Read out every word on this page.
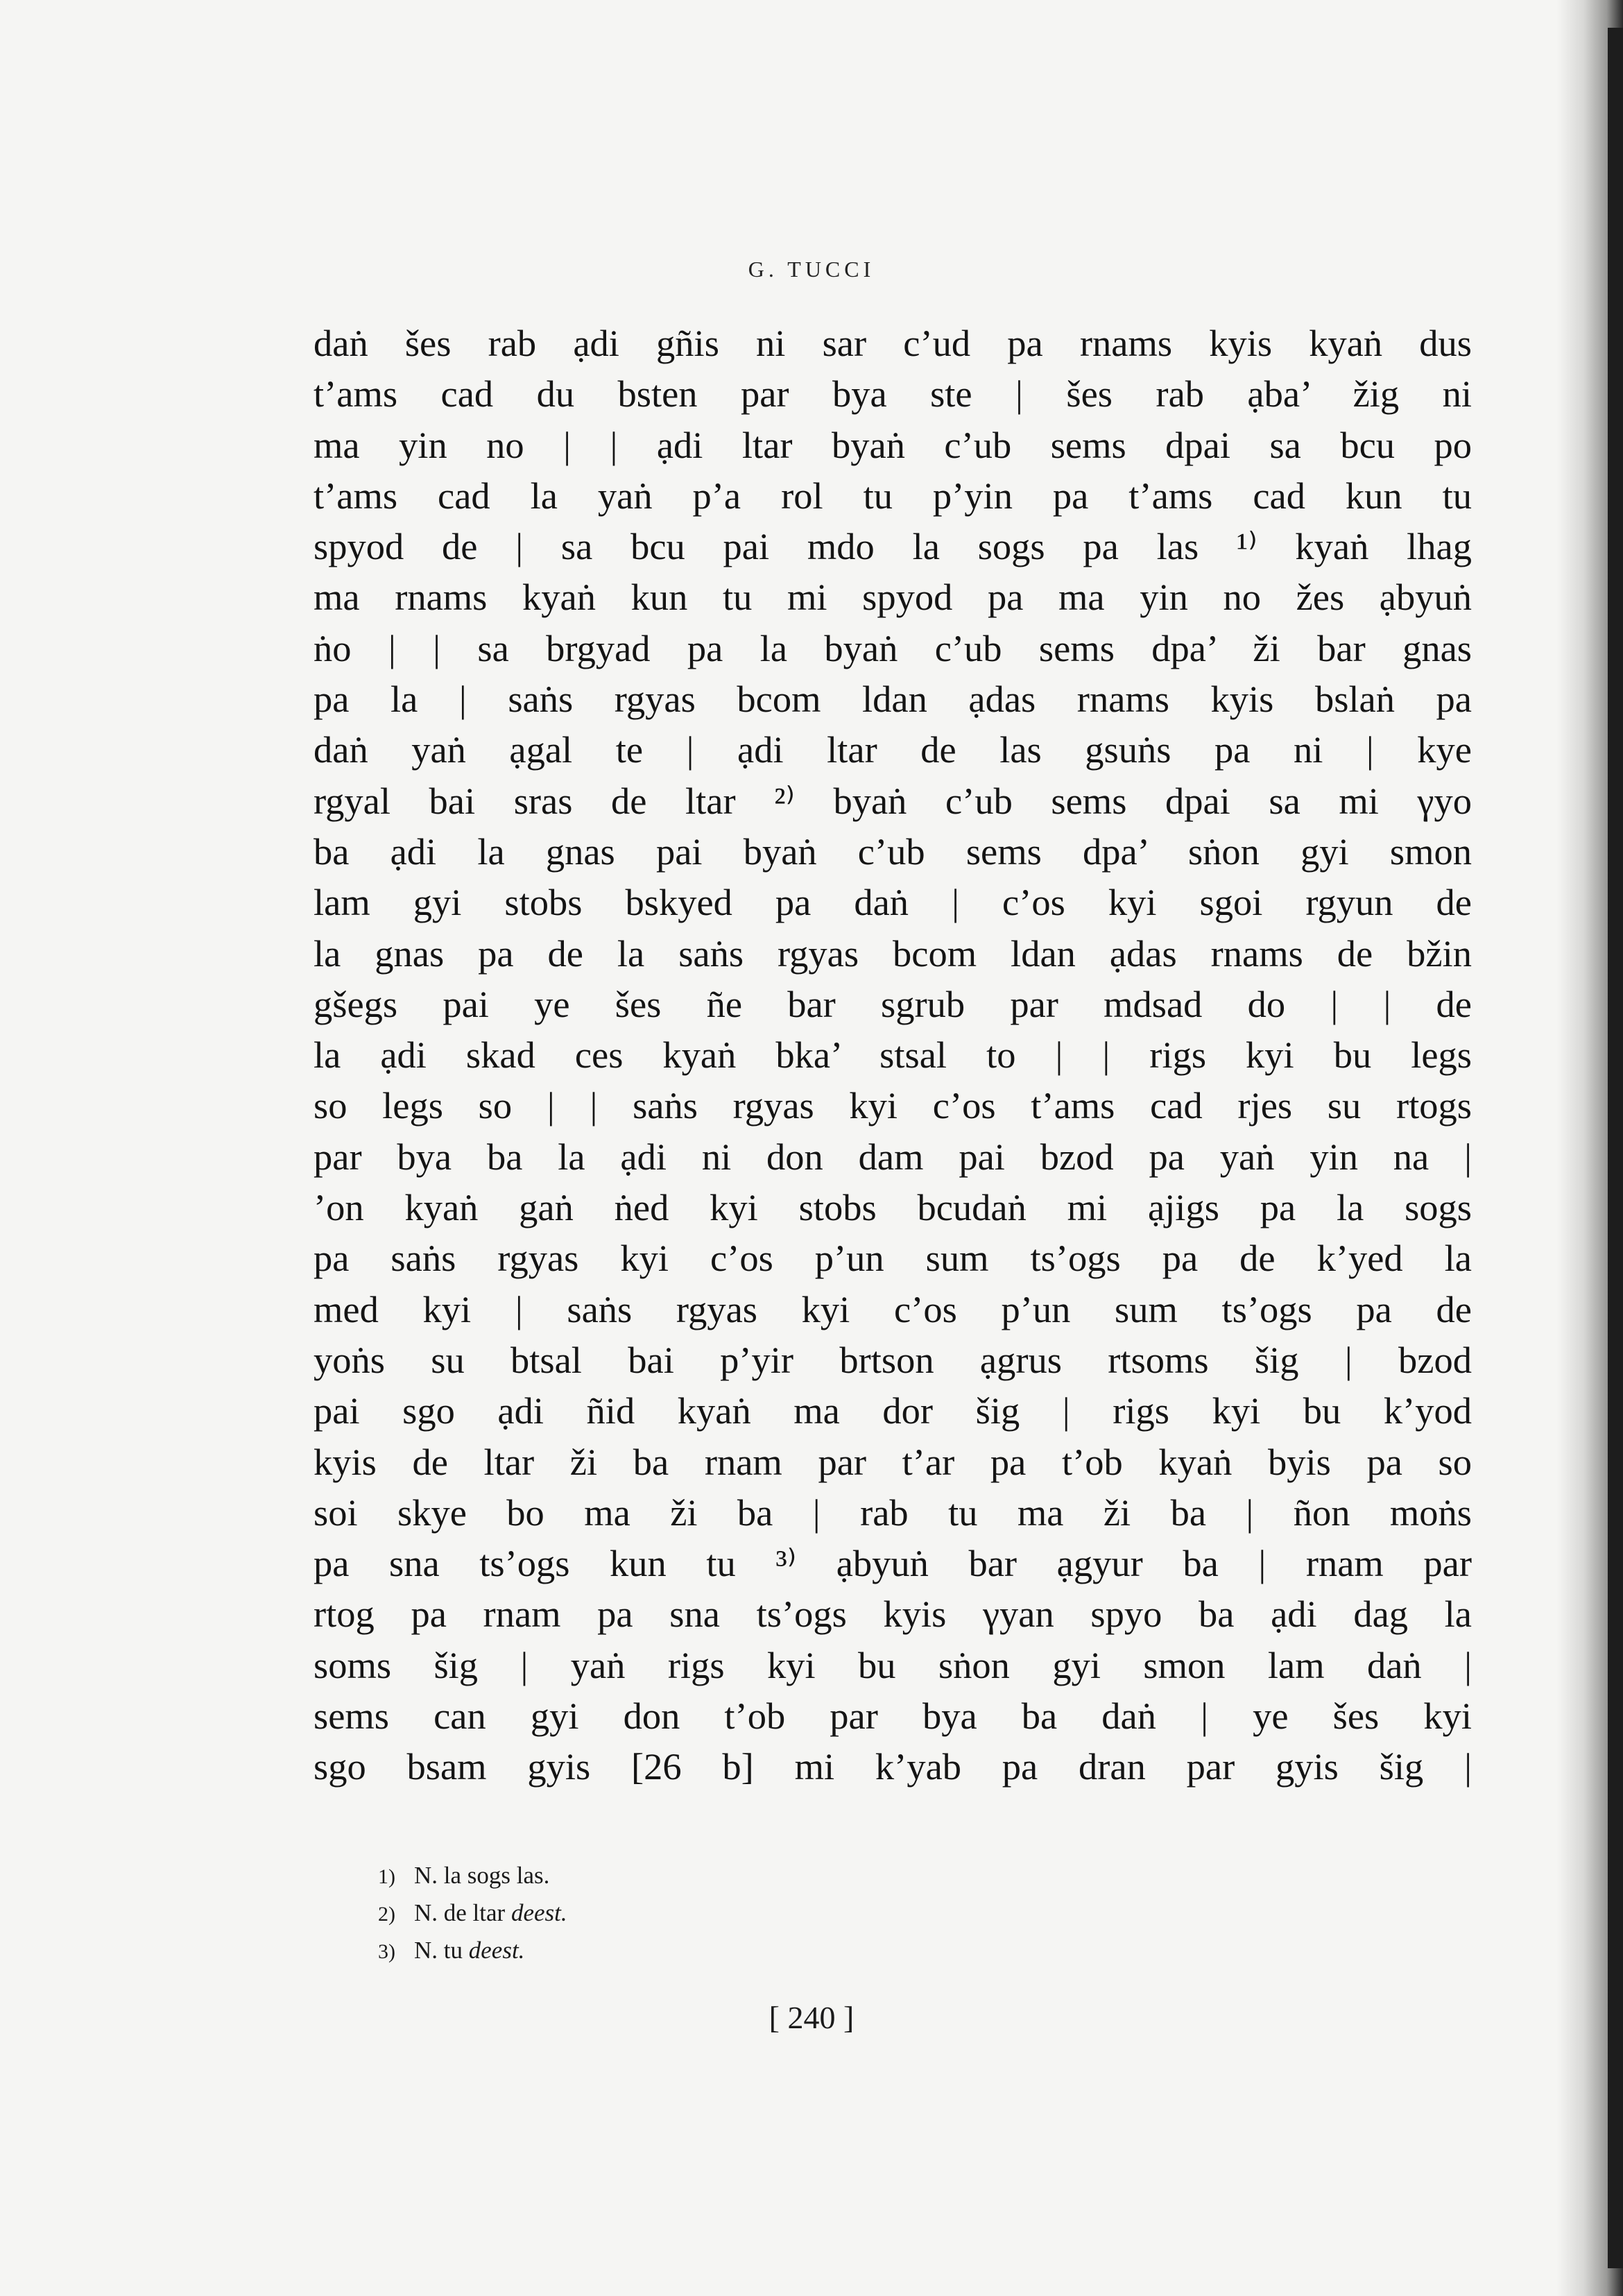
G. TUCCI
daṅ šes rab ạdi gñis ni sar c’ud pa rnams kyis kyaṅ dus
t’ams cad du bsten par bya ste | šes rab ạba’ žig ni
ma yin no | | ạdi ltar byaṅ c’ub sems dpai sa bcu po
t’ams cad la yaṅ p’a rol tu p’yin pa t’ams cad kun tu
spyod de | sa bcu pai mdo la sogs pa las ¹⁾ kyaṅ lhag
ma rnams kyaṅ kun tu mi spyod pa ma yin no žes ạbyuṅ
ṅo | | sa brgyad pa la byaṅ c’ub sems dpa’ ži bar gnas
pa la | saṅs rgyas bcom ldan ạdas rnams kyis bslaṅ pa
daṅ yaṅ ạgal te | ạdi ltar de las gsuṅs pa ni | kye
rgyal bai sras de ltar ²⁾ byaṅ c’ub sems dpai sa mi γyo
ba ạdi la gnas pai byaṅ c’ub sems dpa’ sṅon gyi smon
lam gyi stobs bskyed pa daṅ | c’os kyi sgoi rgyun de
la gnas pa de la saṅs rgyas bcom ldan ạdas rnams de bžin
gšegs pai ye šes ñe bar sgrub par mdsad do | | de
la ạdi skad ces kyaṅ bka’ stsal to | | rigs kyi bu legs
so legs so | | saṅs rgyas kyi c’os t’ams cad rjes su rtogs
par bya ba la ạdi ni don dam pai bzod pa yaṅ yin na |
’on kyaṅ gaṅ ṅed kyi stobs bcudaṅ mi ạjigs pa la sogs
pa saṅs rgyas kyi c’os p’un sum ts’ogs pa de k’yed la
med kyi | saṅs rgyas kyi c’os p’un sum ts’ogs pa de
yoṅs su btsal bai p’yir brtson ạgrus rtsoms šig | bzod
pai sgo ạdi ñid kyaṅ ma dor šig | rigs kyi bu k’yod
kyis de ltar ži ba rnam par t’ar pa t’ob kyaṅ byis pa so
soi skye bo ma ži ba | rab tu ma ži ba | ñon moṅs
pa sna ts’ogs kun tu ³⁾ ạbyuṅ bar ạgyur ba | rnam par
rtog pa rnam pa sna ts’ogs kyis γyan spyo ba ạdi dag la
soms šig | yaṅ rigs kyi bu sṅon gyi smon lam daṅ |
sems can gyi don t’ob par bya ba daṅ | ye šes kyi
sgo bsam gyis [26 b] mi k’yab pa dran par gyis šig |
1) N. la sogs las.
2) N. de ltar deest.
3) N. tu deest.
[ 240 ]
